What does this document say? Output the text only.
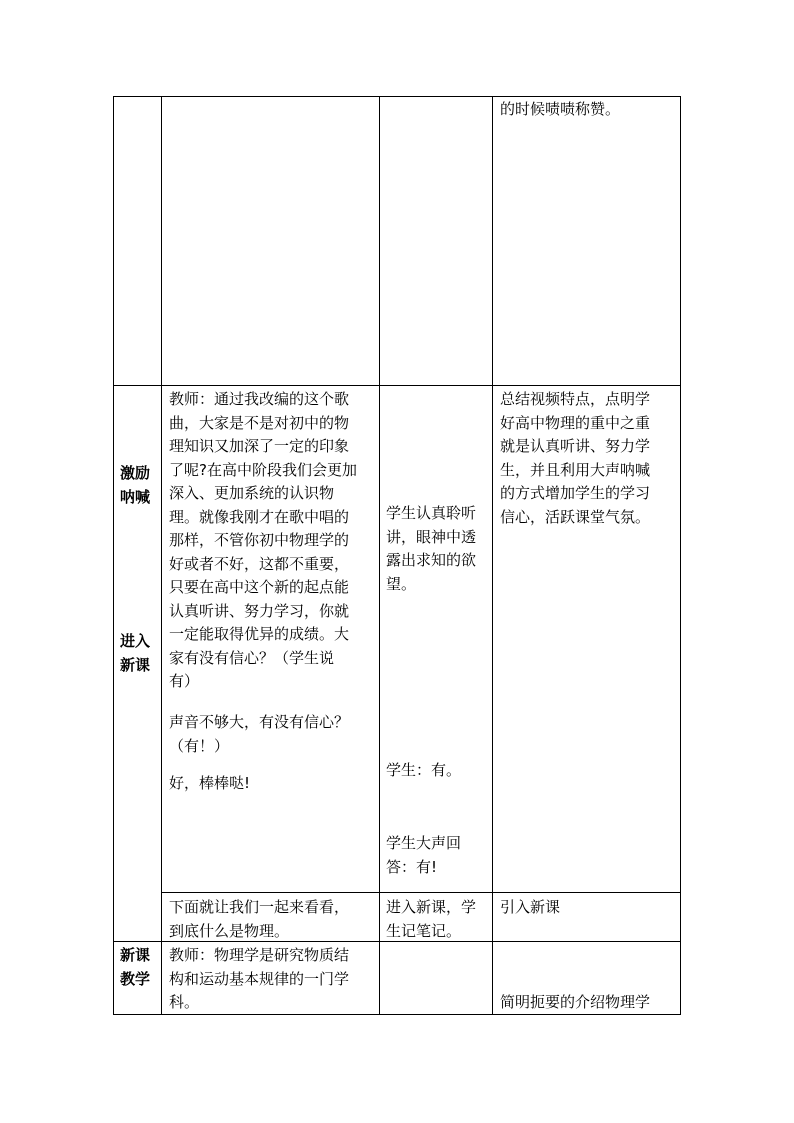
的时候啧啧称赞。
激励
呐喊
进入
新课
教师：通过我改编的这个歌
曲，大家是不是对初中的物
理知识又加深了一定的印象
了呢?在高中阶段我们会更加
深入、更加系统的认识物
理。就像我刚才在歌中唱的
那样，不管你初中物理学的
好或者不好，这都不重要，
只要在高中这个新的起点能
认真听讲、努力学习，你就
一定能取得优异的成绩。大
家有没有信心？（学生说
有）
声音不够大，有没有信心？
（有！）
好，棒棒哒!
学生认真聆听
讲，眼神中透
露出求知的欲
望。
学生：有。
学生大声回
答：有!
总结视频特点，点明学
好高中物理的重中之重
就是认真听讲、努力学
生，并且利用大声呐喊
的方式增加学生的学习
信心，活跃课堂气氛。
下面就让我们一起来看看，
到底什么是物理。
进入新课，学
生记笔记。
引入新课
新课
教学
教师：物理学是研究物质结
构和运动基本规律的一门学
科。	简明扼要的介绍物理学
